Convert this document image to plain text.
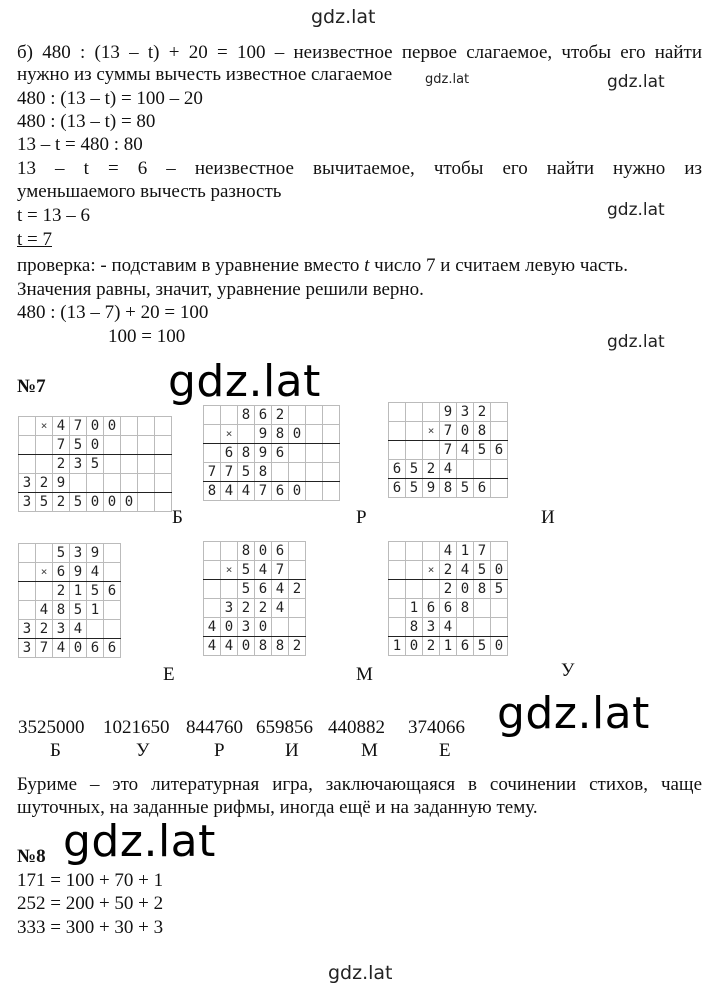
gdz.lat
gdz.lat	gdz.lat
gdz.lat
gdz.lat
gdz.lat
gdz.lat
gdz.lat
gdz.lat
б) 480 : (13 – t) + 20 = 100 – неизвестное первое слагаемое, чтобы его найти
нужно из суммы вычесть известное слагаемое
480 : (13 – t) = 100 – 20
480 : (13 – t) = 80
13 – t = 480 : 80
13 – t = 6 – неизвестное вычитаемое, чтобы его найти нужно из
уменьшаемого вычесть разность
t = 13 – 6
t = 7
проверка: - подставим в уравнение вместо t число 7 и считаем левую часть.
Значения равны, значит, уравнение решили верно.
480 : (13 – 7) + 20 = 100
100 = 100
№7
	×	4	7	0	0			
		7	5	0				
		2	3	5				
3	2	9						
3	5	2	5	0	0	0		
		8	6	2			
	×		9	8	0		
	6	8	9	6			
7	7	5	8				
8	4	4	7	6	0		
			9	3	2	
		×	7	0	8	
			7	4	5	6
6	5	2	4			
6	5	9	8	5	6	
		5	3	9	
	×	6	9	4	
		2	1	5	6
	4	8	5	1	
3	2	3	4		
3	7	4	0	6	6
		8	0	6	
	×	5	4	7	
		5	6	4	2
	3	2	2	4	
4	0	3	0		
4	4	0	8	8	2
			4	1	7	
		×	2	4	5	0
			2	0	8	5
	1	6	6	8		
	8	3	4			
1	0	2	1	6	5	0
Б	Р	И
Е	М	У
3525000 1021650 844760 659856 440882 374066
Б	У	Р	И	М	Е
Буриме – это литературная игра, заключающаяся в сочинении стихов, чаще
шуточных, на заданные рифмы, иногда ещё и на заданную тему.
№8
171 = 100 + 70 + 1
252 = 200 + 50 + 2
333 = 300 + 30 + 3
